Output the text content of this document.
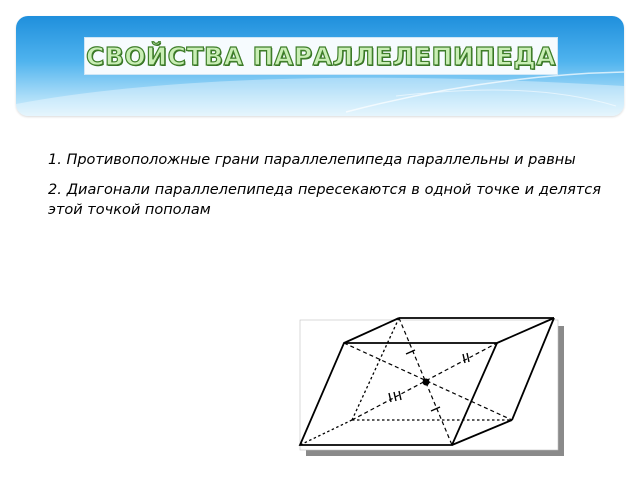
СВОЙСТВА ПАРАЛЛЕЛЕПИПЕДА

1. Противоположные грани параллелепипеда параллельны и равны

2. Диагонали параллелепипеда пересекаются в одной точке и делятся этой точкой пополам
